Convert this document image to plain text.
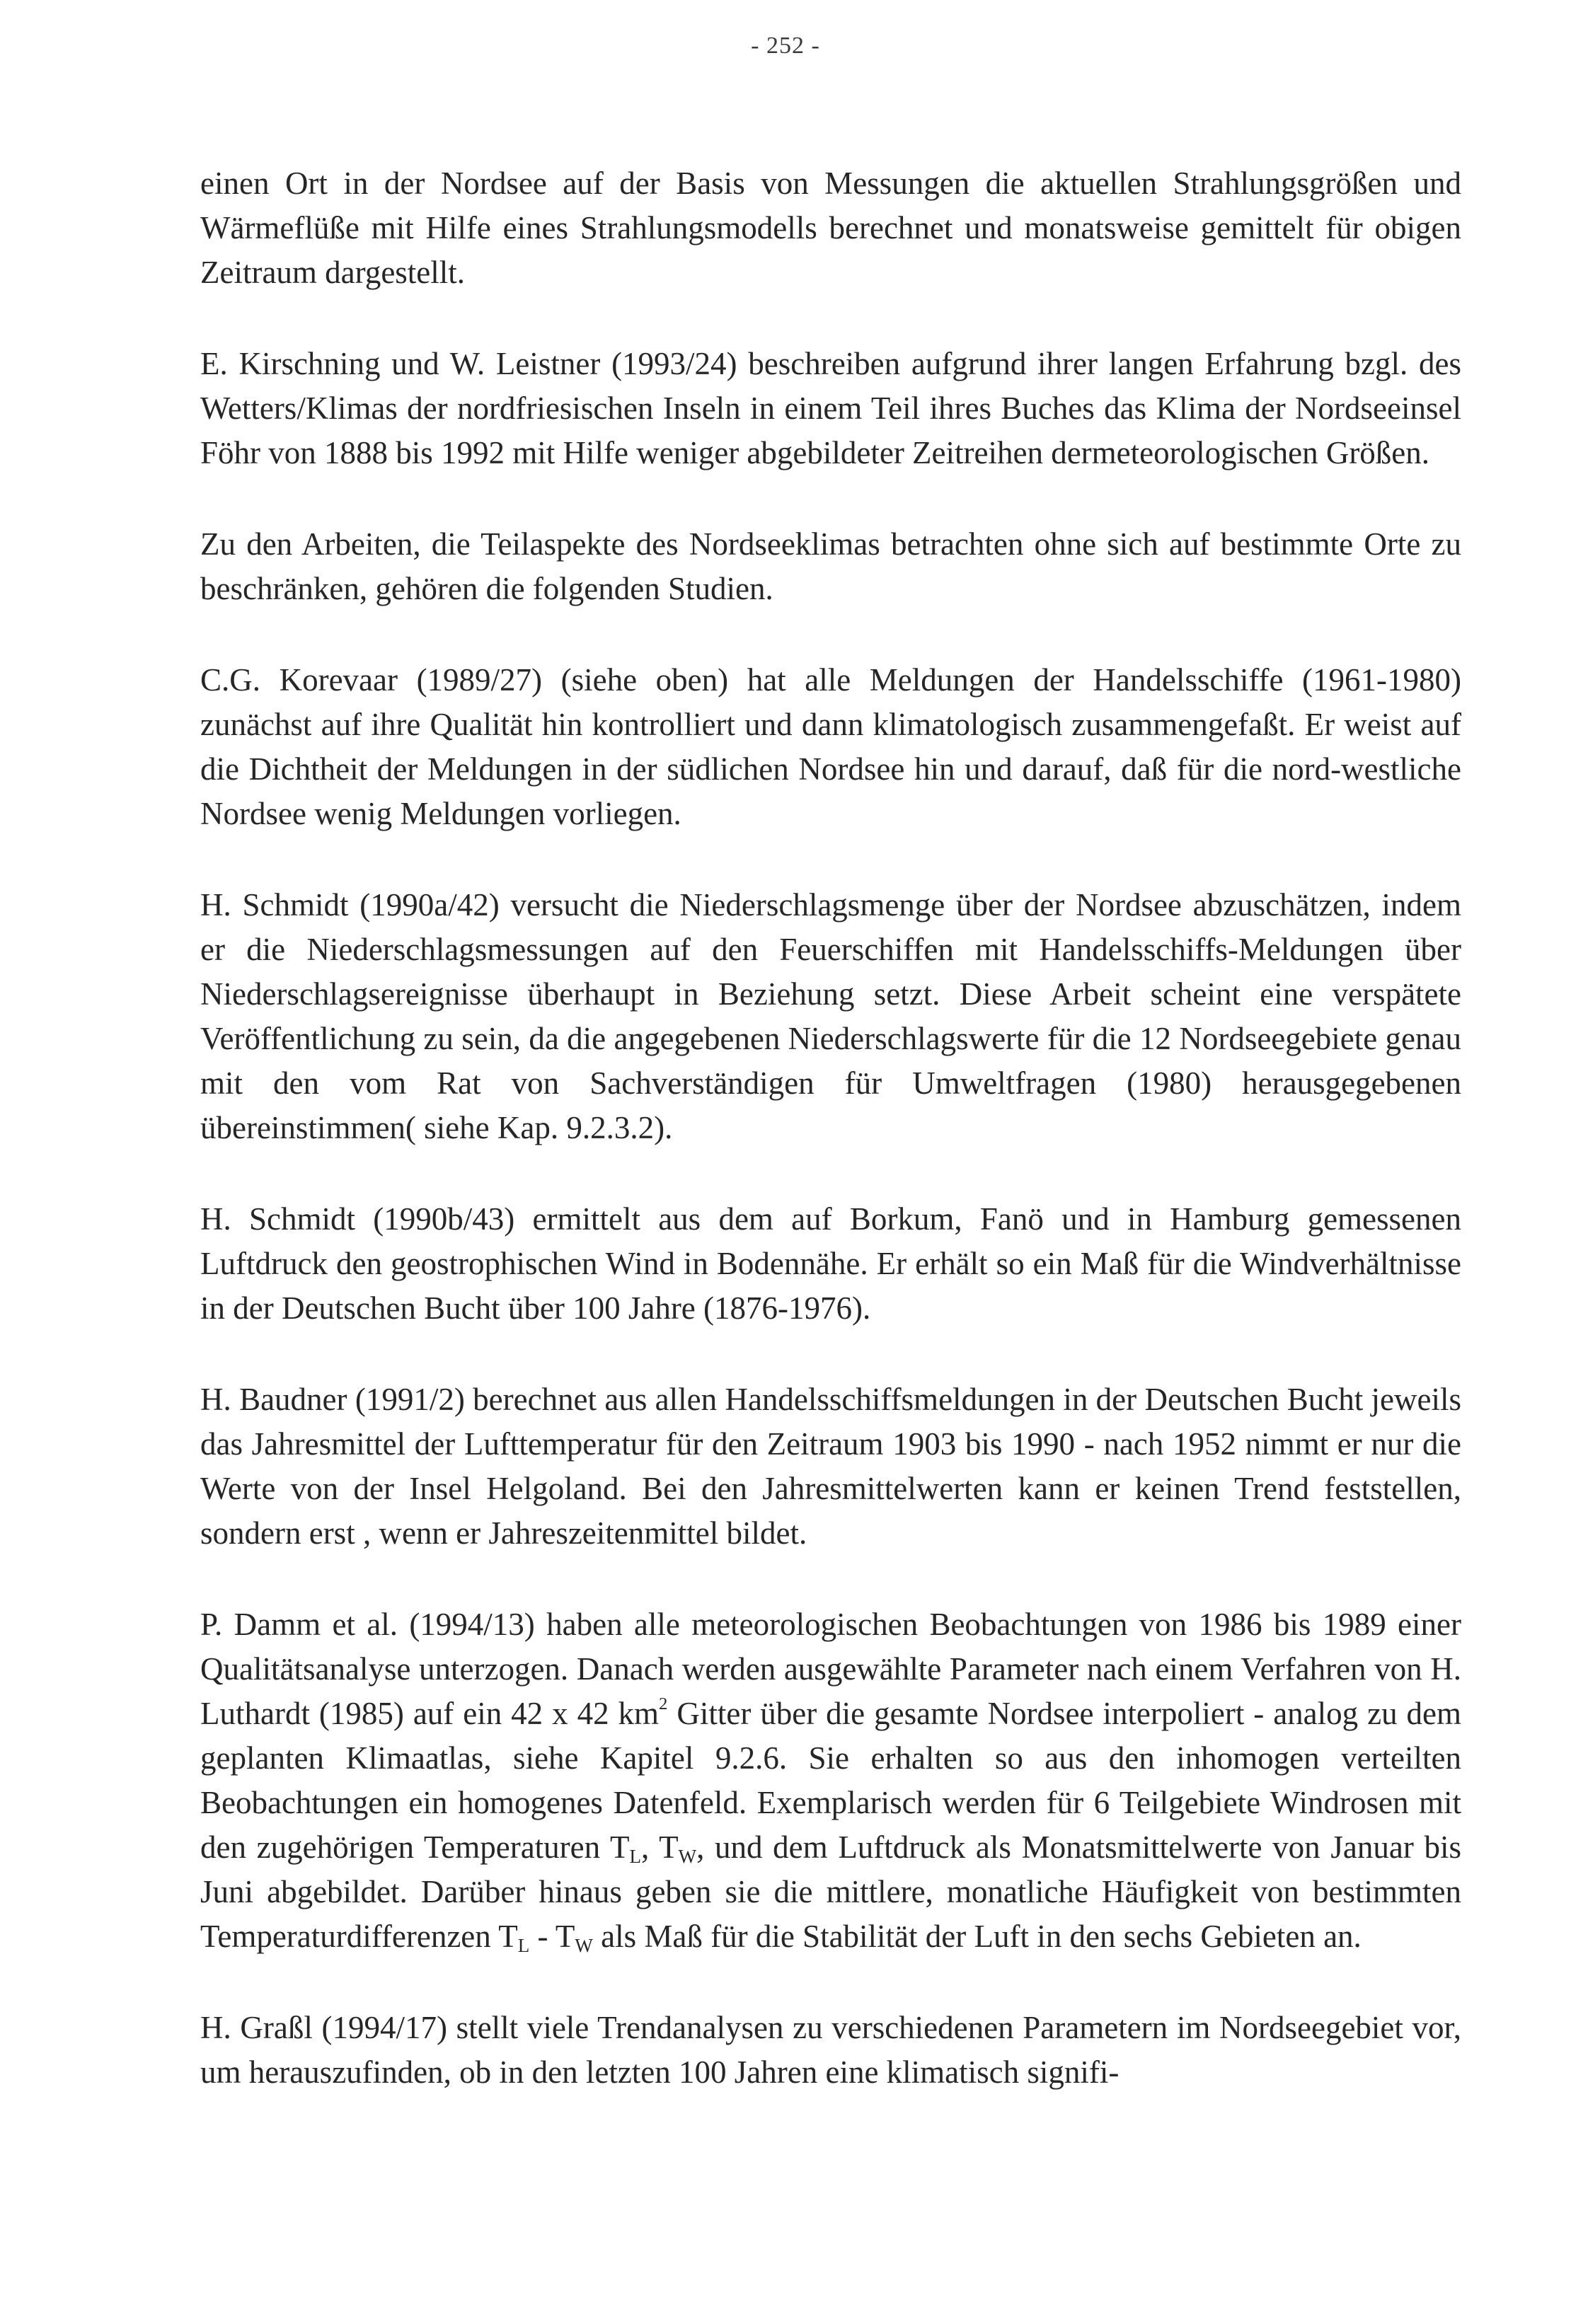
- 252 -

einen Ort in der Nordsee auf der Basis von Messungen die aktuellen Strahlungsgrößen und Wärmeflüße mit Hilfe eines Strahlungsmodells berechnet und monatsweise gemittelt für obigen Zeitraum dargestellt.

E. Kirschning und W. Leistner (1993/24) beschreiben aufgrund ihrer langen Erfahrung bzgl. des Wetters/Klimas der nordfriesischen Inseln in einem Teil ihres Buches das Klima der Nordseeinsel Föhr von 1888 bis 1992 mit Hilfe weniger abgebildeter Zeitreihen dermeteorologischen Größen.

Zu den Arbeiten, die Teilaspekte des Nordseeklimas betrachten ohne sich auf bestimmte Orte zu beschränken, gehören die folgenden Studien.

C.G. Korevaar (1989/27) (siehe oben) hat alle Meldungen der Handelsschiffe (1961-1980) zunächst auf ihre Qualität hin kontrolliert und dann klimatologisch zusammengefaßt. Er weist auf die Dichtheit der Meldungen in der südlichen Nordsee hin und darauf, daß für die nord-westliche Nordsee wenig Meldungen vorliegen.

H. Schmidt (1990a/42) versucht die Niederschlagsmenge über der Nordsee abzuschätzen, indem er die Niederschlagsmessungen auf den Feuerschiffen mit Handelsschiffs-Meldungen über Niederschlagsereignisse überhaupt in Beziehung setzt. Diese Arbeit scheint eine verspätete Veröffentlichung zu sein, da die angegebenen Niederschlagswerte für die 12 Nordseegebiete genau mit den vom Rat von Sachverständigen für Umweltfragen (1980) herausgegebenen übereinstimmen( siehe Kap. 9.2.3.2).

H. Schmidt (1990b/43) ermittelt aus dem auf Borkum, Fanö und in Hamburg gemessenen Luftdruck den geostrophischen Wind in Bodennähe. Er erhält so ein Maß für die Windverhältnisse in der Deutschen Bucht über 100 Jahre (1876-1976).

H. Baudner (1991/2) berechnet aus allen Handelsschiffsmeldungen in der Deutschen Bucht jeweils das Jahresmittel der Lufttemperatur für den Zeitraum 1903 bis 1990 - nach 1952 nimmt er nur die Werte von der Insel Helgoland. Bei den Jahresmittelwerten kann er keinen Trend feststellen, sondern erst , wenn er Jahreszeitenmittel bildet.

P. Damm et al. (1994/13) haben alle meteorologischen Beobachtungen von 1986 bis 1989 einer Qualitätsanalyse unterzogen. Danach werden ausgewählte Parameter nach einem Verfahren von H. Luthardt (1985) auf ein 42 x 42 $km^2$ Gitter über die gesamte Nordsee interpoliert - analog zu dem geplanten Klimaatlas, siehe Kapitel 9.2.6. Sie erhalten so aus den inhomogen verteilten Beobachtungen ein homogenes Datenfeld. Exemplarisch werden für 6 Teilgebiete Windrosen mit den zugehörigen Temperaturen $T_L$, $T_W$, und dem Luftdruck als Monatsmittelwerte von Januar bis Juni abgebildet. Darüber hinaus geben sie die mittlere, monatliche Häufigkeit von bestimmten Temperaturdifferenzen $T_L - T_W$ als Maß für die Stabilität der Luft in den sechs Gebieten an.

H. Graßl (1994/17) stellt viele Trendanalysen zu verschiedenen Parametern im Nordseegebiet vor, um herauszufinden, ob in den letzten 100 Jahren eine klimatisch signifi-
